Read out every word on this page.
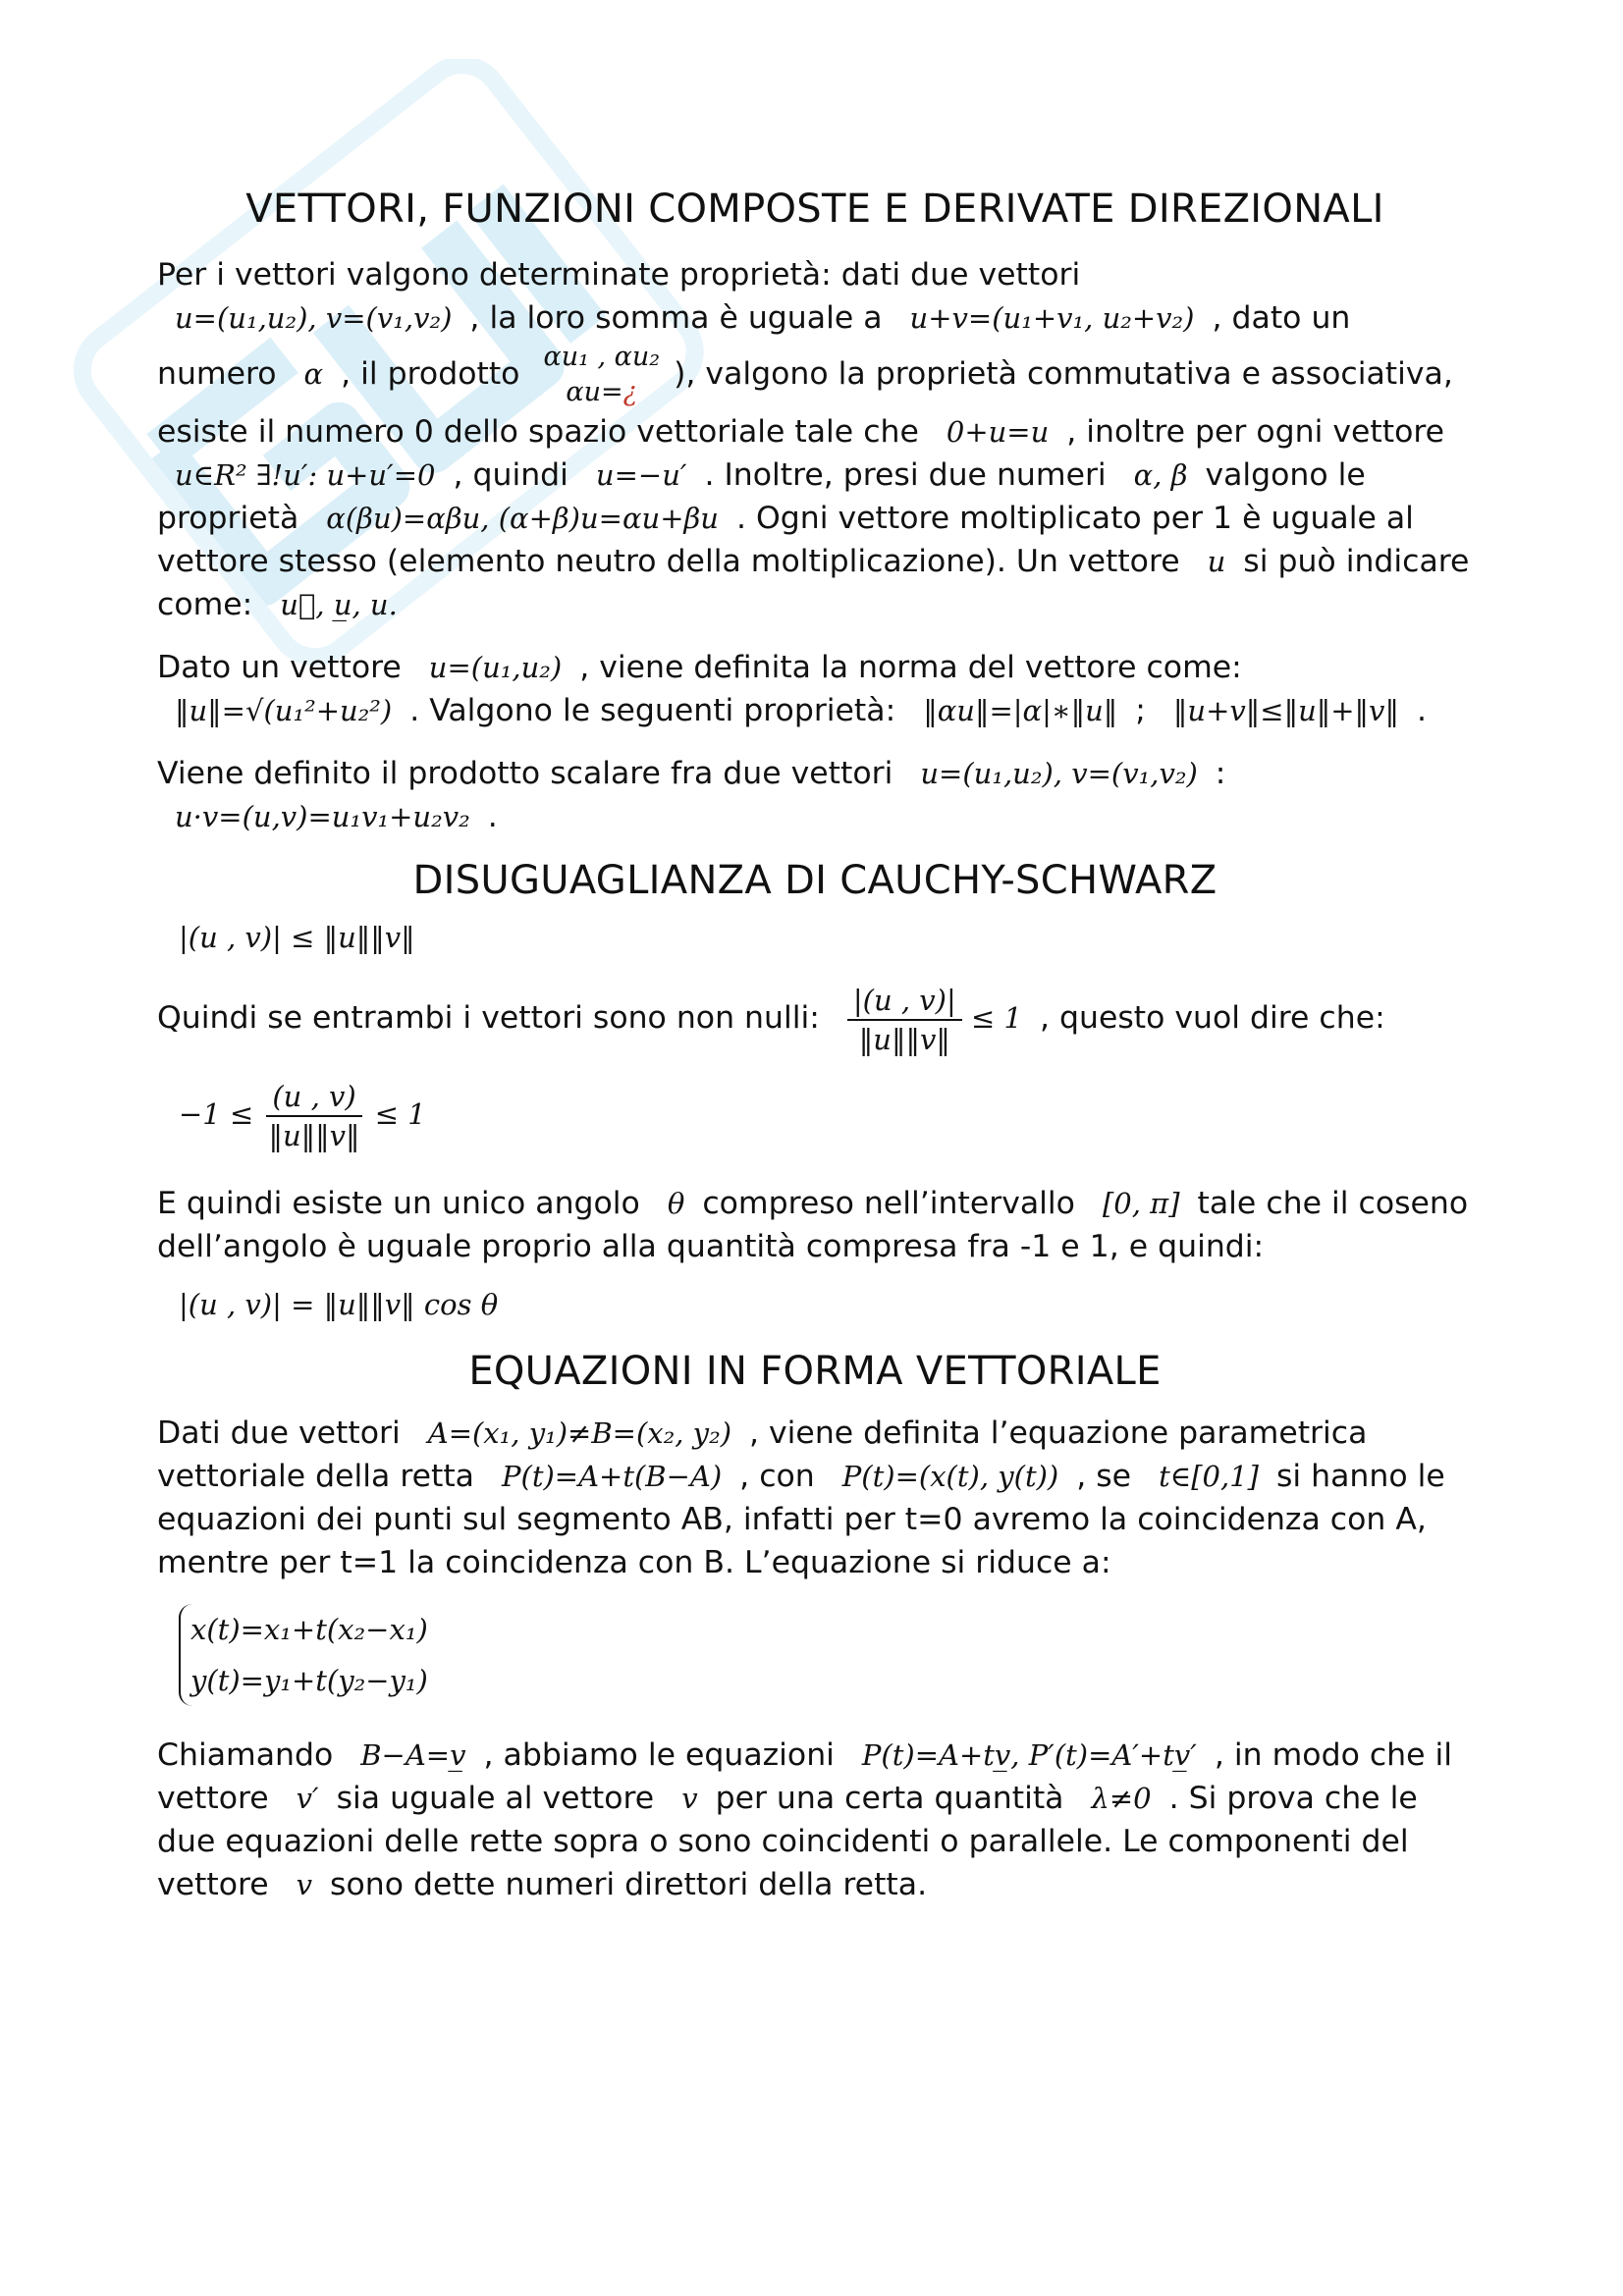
VETTORI, FUNZIONI COMPOSTE E DERIVATE DIREZIONALI

Per i vettori valgono determinate proprietà: dati due vettori
u=(u₁,u₂), v=(v₁,v₂) , la loro somma è uguale a u+v=(u₁+v₁, u₂+v₂) , dato un numero α , il prodotto αu₁ , αu₂
αu=¿
), valgono la proprietà commutativa e associativa, esiste il numero 0 dello spazio vettoriale tale che 0+u=u , inoltre per ogni vettore u∈R² ∃!u′: u+u′=0 , quindi u=−u′ . Inoltre, presi due numeri α, β valgono le proprietà α(βu)=αβu, (α+β)u=αu+βu . Ogni vettore moltiplicato per 1 è uguale al vettore stesso (elemento neutro della moltiplicazione). Un vettore u si può indicare come: u⃗, u̲, u.

Dato un vettore u=(u₁,u₂) , viene definita la norma del vettore come:
‖u‖=√(u₁²+u₂²) . Valgono le seguenti proprietà: ‖αu‖=|α|∗‖u‖ ; ‖u+v‖≤‖u‖+‖v‖ .

Viene definito il prodotto scalare fra due vettori u=(u₁,u₂), v=(v₁,v₂) :
u·v=(u,v)=u₁v₁+u₂v₂ .

DISUGUAGLIANZA DI CAUCHY-SCHWARZ
|(u , v)| ≤ ‖u‖‖v‖

Quindi se entrambi i vettori sono non nulli: $\frac{|(u , v)|}{‖u‖‖v‖} \le 1$ , questo vuol dire che:

$-1 \le \frac{(u , v)}{‖u‖‖v‖} \le 1$

E quindi esiste un unico angolo θ compreso nell’intervallo [0, π] tale che il coseno dell’angolo è uguale proprio alla quantità compresa fra -1 e 1, e quindi:

|(u , v)| = ‖u‖‖v‖ cos θ
EQUAZIONI IN FORMA VETTORIALE

Dati due vettori A=(x₁, y₁)≠B=(x₂, y₂) , viene definita l’equazione parametrica vettoriale della retta P(t)=A+t(B−A) , con P(t)=(x(t), y(t)) , se t∈[0,1] si hanno le equazioni dei punti sul segmento AB, infatti per t=0 avremo la coincidenza con A, mentre per t=1 la coincidenza con B. L’equazione si riduce a:

x(t)=x₁+t(x₂−x₁)
y(t)=y₁+t(y₂−y₁)

Chiamando B−A=v̲ , abbiamo le equazioni P(t)=A+tv̲, P′(t)=A′+tv̲′ , in modo che il vettore v′ sia uguale al vettore v per una certa quantità λ≠0 . Si prova che le due equazioni delle rette sopra o sono coincidenti o parallele. Le componenti del vettore v sono dette numeri direttori della retta.
